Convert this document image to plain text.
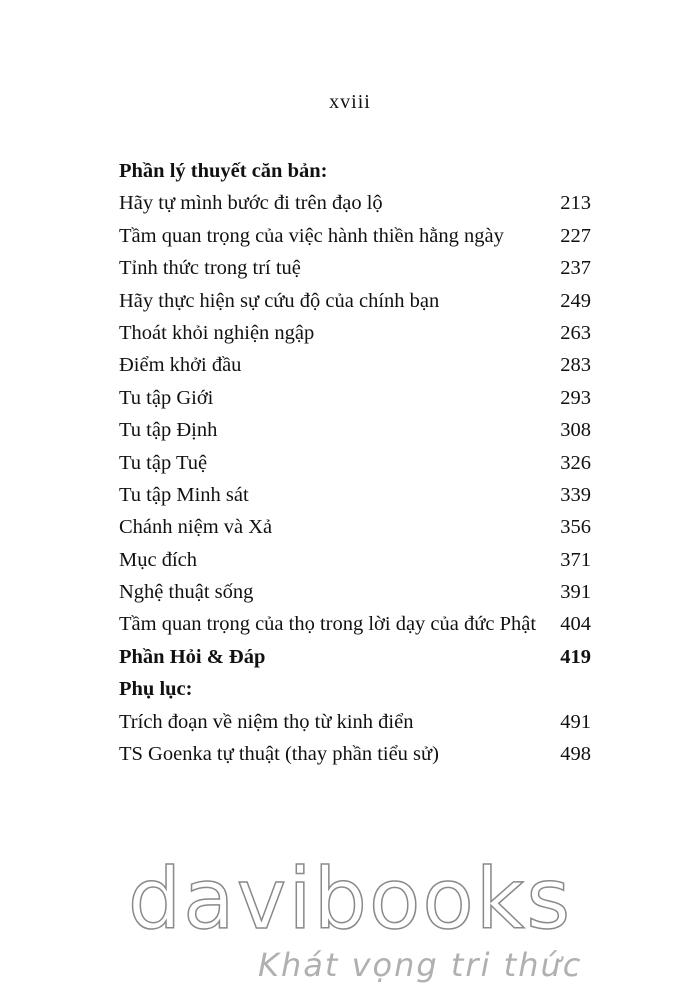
xviii
Phần lý thuyết căn bản:
Hãy tự mình bước đi trên đạo lộ	213
Tầm quan trọng của việc hành thiền hằng ngày	227
Tỉnh thức trong trí tuệ	237
Hãy thực hiện sự cứu độ của chính bạn	249
Thoát khỏi nghiện ngập	263
Điểm khởi đầu	283
Tu tập Giới	293
Tu tập Định	308
Tu tập Tuệ	326
Tu tập Minh sát	339
Chánh niệm và Xả	356
Mục đích	371
Nghệ thuật sống	391
Tầm quan trọng của thọ trong lời dạy của đức Phật	404
Phần Hỏi & Đáp	419
Phụ lục:
Trích đoạn về niệm thọ từ kinh điển	491
TS Goenka tự thuật (thay phần tiểu sử)	498
davibooks
Khát vọng tri thức
